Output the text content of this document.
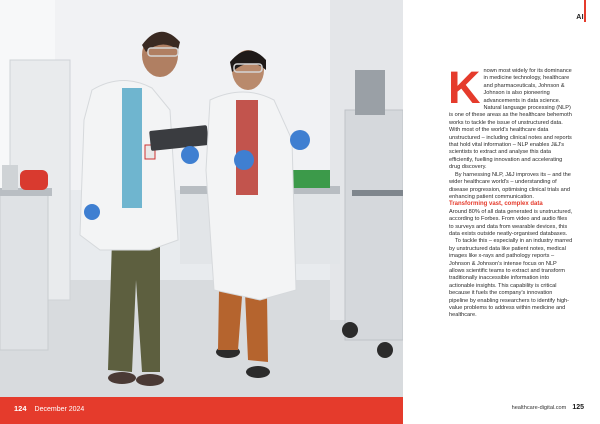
124 December 2024
AI

Known most widely for its dominance in medicine technology, healthcare and pharmaceuticals, Johnson & Johnson is also pioneering advancements in data science. Natural language processing (NLP) is one of these areas as the healthcare behemoth works to tackle the issue of unstructured data. With most of the world's healthcare data unstructured – including clinical notes and reports that hold vital information – NLP enables J&J's scientists to extract and analyse this data efficiently, fuelling innovation and accelerating drug discovery.

By harnessing NLP, J&J improves its – and the wider healthcare world's – understanding of disease progression, optimising clinical trials and enhancing patient communication.

Transforming vast, complex data

Around 80% of all data generated is unstructured, according to Forbes. From video and audio files to surveys and data from wearable devices, this data exists outside neatly-organised databases.

To tackle this – especially in an industry marred by unstructured data like patient notes, medical images like x-rays and pathology reports – Johnson & Johnson's intense focus on NLP allows scientific teams to extract and transform traditionally inaccessible information into actionable insights. This capability is critical because it fuels the company's innovation pipeline by enabling researchers to identify high-value problems to address within medicine and healthcare.

healthcare-digital.com 125
